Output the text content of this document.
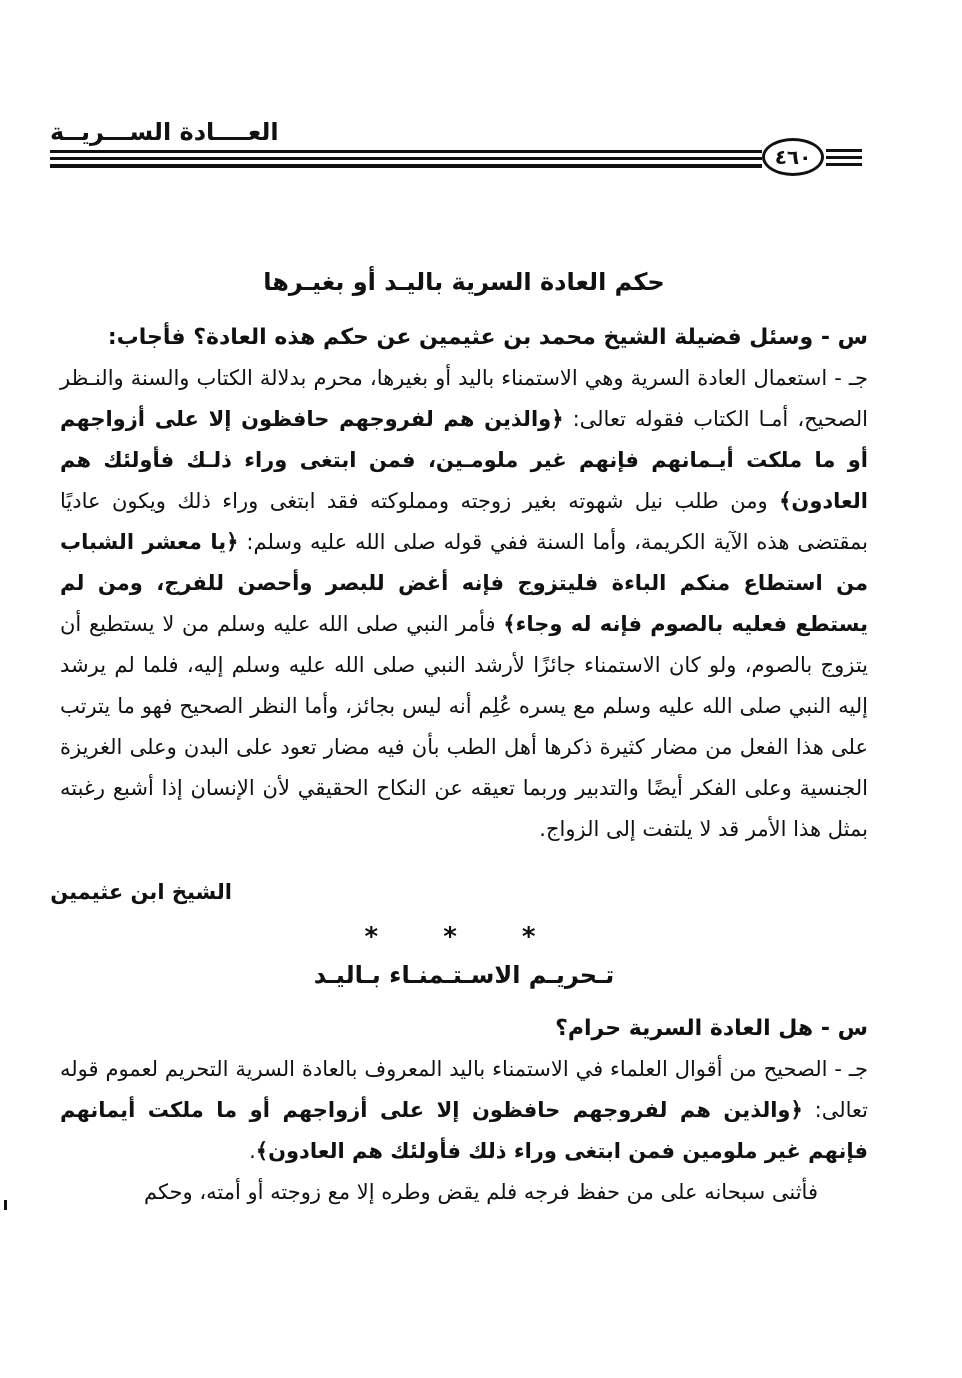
العــــادة الســـريــة
٤٦٠
حكم العادة السرية باليـد أو بغيـرها

س - وسئل فضيلة الشيخ محمد بن عثيمين عن حكم هذه العادة؟ فأجاب:

جـ - استعمال العادة السرية وهي الاستمناء باليد أو بغيرها، محرم بدلالة الكتاب والسنة والنـظر الصحيح، أمـا الكتاب فقوله تعالى: ﴿والذين هم لفروجهم حافظون إلا على أزواجهم أو ما ملكت أيـمانهم فإنهم غير ملومـين، فمن ابتغى وراء ذلـك فأولئك هم العادون﴾ ومن طلب نيل شهوته بغير زوجته ومملوكته فقد ابتغى وراء ذلك ويكون عاديًا بمقتضى هذه الآية الكريمة، وأما السنة ففي قوله صلى الله عليه وسلم: ﴿يا معشر الشباب من استطاع منكم الباءة فليتزوج فإنه أغض للبصر وأحصن للفرج، ومن لم يستطع فعليه بالصوم فإنه له وجاء﴾ فأمر النبي صلى الله عليه وسلم من لا يستطيع أن يتزوج بالصوم، ولو كان الاستمناء جائزًا لأرشد النبي صلى الله عليه وسلم إليه، فلما لم يرشد إليه النبي صلى الله عليه وسلم مع يسره عُلِم أنه ليس بجائز، وأما النظر الصحيح فهو ما يترتب على هذا الفعل من مضار كثيرة ذكرها أهل الطب بأن فيه مضار تعود على البدن وعلى الغريزة الجنسية وعلى الفكر أيضًا والتدبير وربما تعيقه عن النكاح الحقيقي لأن الإنسان إذا أشبع رغبته بمثل هذا الأمر قد لا يلتفت إلى الزواج.

الشيخ ابن عثيمين
* * *
تـحريـم الاسـتـمنـاء بـاليـد

س - هل العادة السرية حرام؟

جـ - الصحيح من أقوال العلماء في الاستمناء باليد المعروف بالعادة السرية التحريم لعموم قوله تعالى: ﴿والذين هم لفروجهم حافظون إلا على أزواجهم أو ما ملكت أيمانهم فإنهم غير ملومين فمن ابتغى وراء ذلك فأولئك هم العادون﴾.

فأثنى سبحانه على من حفظ فرجه فلم يقض وطره إلا مع زوجته أو أمته، وحكم
